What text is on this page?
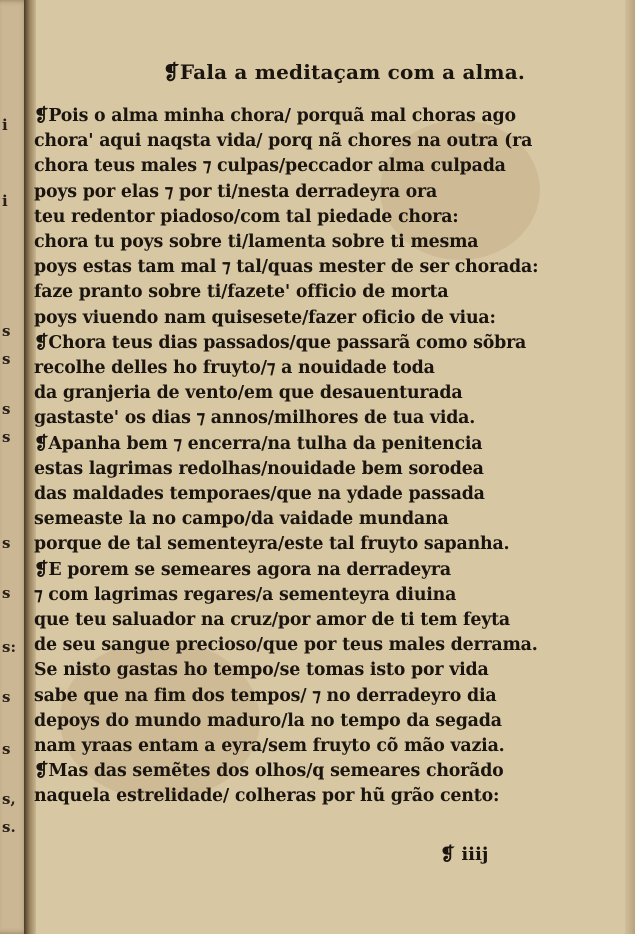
i
i
s
s
s
s
s
s
s:
s
s
s,
s.
❡Fala a meditaçam com a alma.
❡Pois o alma minha chora/ porquã mal choras ago
chora' aqui naqsta vida/ porq nã chores na outra (ra
chora teus males ⁊ culpas/peccador alma culpada
poys por elas ⁊ por ti/nesta derradeyra ora
teu redentor piadoso/com tal piedade chora:
chora tu poys sobre ti/lamenta sobre ti mesma
poys estas tam mal ⁊ tal/quas mester de ser chorada:
faze pranto sobre ti/fazete' officio de morta
poys viuendo nam quisesete/fazer oficio de viua:
❡Chora teus dias passados/que passarã como sõbra
recolhe delles ho fruyto/⁊ a nouidade toda
da granjeria de vento/em que desauenturada
gastaste' os dias ⁊ annos/milhores de tua vida.
❡Apanha bem ⁊ encerra/na tulha da penitencia
estas lagrimas redolhas/nouidade bem sorodea
das maldades temporaes/que na ydade passada
semeaste la no campo/da vaidade mundana
porque de tal sementeyra/este tal fruyto sapanha.
❡E porem se semeares agora na derradeyra
⁊ com lagrimas regares/a sementeyra diuina
que teu saluador na cruz/por amor de ti tem feyta
de seu sangue precioso/que por teus males derrama.
Se nisto gastas ho tempo/se tomas isto por vida
sabe que na fim dos tempos/ ⁊ no derradeyro dia
depoys do mundo maduro/la no tempo da segada
nam yraas entam a eyra/sem fruyto cõ mão vazia.
❡Mas das semẽtes dos olhos/q semeares chorãdo
naquela estrelidade/ colheras por hũ grão cento:
❡ iiij
